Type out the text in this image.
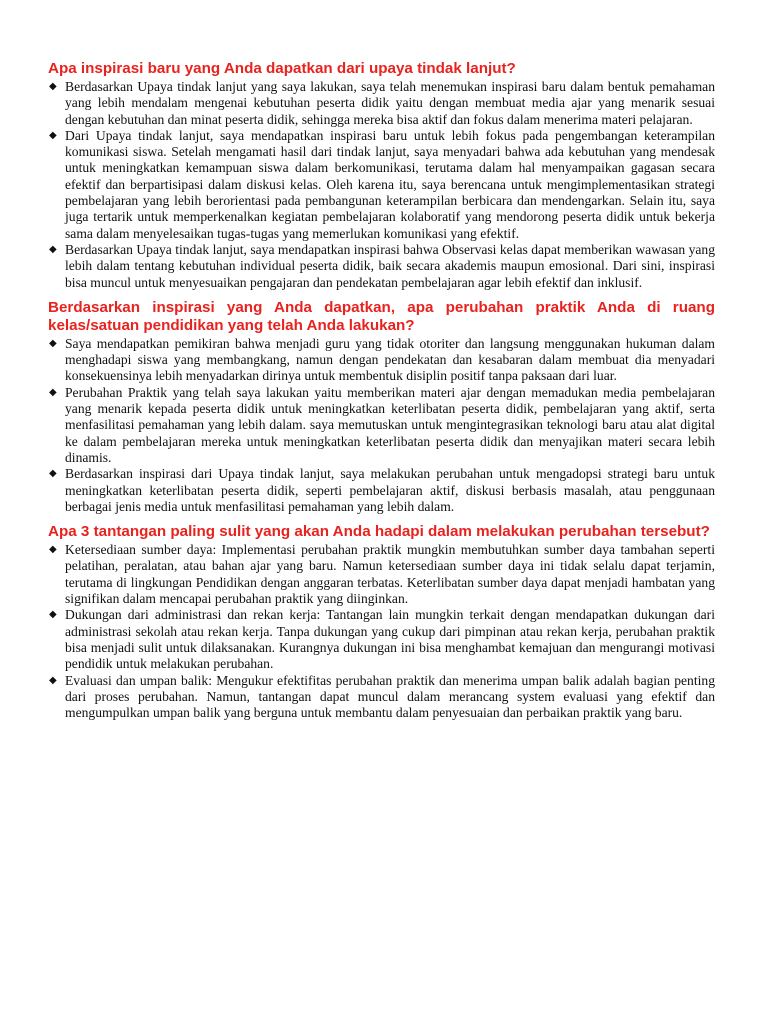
Apa inspirasi baru yang Anda dapatkan dari upaya tindak lanjut?
◆ Berdasarkan Upaya tindak lanjut yang saya lakukan, saya telah menemukan inspirasi baru dalam bentuk pemahaman yang lebih mendalam mengenai kebutuhan peserta didik yaitu dengan membuat media ajar yang menarik sesuai dengan kebutuhan dan minat peserta didik, sehingga mereka bisa aktif dan fokus dalam menerima materi pelajaran.
◆ Dari Upaya tindak lanjut, saya mendapatkan inspirasi baru untuk lebih fokus pada pengembangan keterampilan komunikasi siswa. Setelah mengamati hasil dari tindak lanjut, saya menyadari bahwa ada kebutuhan yang mendesak untuk meningkatkan kemampuan siswa dalam berkomunikasi, terutama dalam hal menyampaikan gagasan secara efektif dan berpartisipasi dalam diskusi kelas. Oleh karena itu, saya berencana untuk mengimplementasikan strategi pembelajaran yang lebih berorientasi pada pembangunan keterampilan berbicara dan mendengarkan. Selain itu, saya juga tertarik untuk memperkenalkan kegiatan pembelajaran kolaboratif yang mendorong peserta didik untuk bekerja sama dalam menyelesaikan tugas-tugas yang memerlukan komunikasi yang efektif.
◆ Berdasarkan Upaya tindak lanjut, saya mendapatkan inspirasi bahwa Observasi kelas dapat memberikan wawasan yang lebih dalam tentang kebutuhan individual peserta didik, baik secara akademis maupun emosional. Dari sini, inspirasi bisa muncul untuk menyesuaikan pengajaran dan pendekatan pembelajaran agar lebih efektif dan inklusif.
Berdasarkan inspirasi yang Anda dapatkan, apa perubahan praktik Anda di ruang kelas/satuan pendidikan yang telah Anda lakukan?
◆ Saya mendapatkan pemikiran bahwa menjadi guru yang tidak otoriter dan langsung menggunakan hukuman dalam menghadapi siswa yang membangkang, namun dengan pendekatan dan kesabaran dalam membuat dia menyadari konsekuensinya lebih menyadarkan dirinya untuk membentuk disiplin positif tanpa paksaan dari luar.
◆ Perubahan Praktik yang telah saya lakukan yaitu memberikan materi ajar dengan memadukan media pembelajaran yang menarik kepada peserta didik untuk meningkatkan keterlibatan peserta didik, pembelajaran yang aktif, serta menfasilitasi pemahaman yang lebih dalam. saya memutuskan untuk mengintegrasikan teknologi baru atau alat digital ke dalam pembelajaran mereka untuk meningkatkan keterlibatan peserta didik dan menyajikan materi secara lebih dinamis.
◆ Berdasarkan inspirasi dari Upaya tindak lanjut, saya melakukan perubahan untuk mengadopsi strategi baru untuk meningkatkan keterlibatan peserta didik, seperti pembelajaran aktif, diskusi berbasis masalah, atau penggunaan berbagai jenis media untuk menfasilitasi pemahaman yang lebih dalam.
Apa 3 tantangan paling sulit yang akan Anda hadapi dalam melakukan perubahan tersebut?
◆ Ketersediaan sumber daya: Implementasi perubahan praktik mungkin membutuhkan sumber daya tambahan seperti pelatihan, peralatan, atau bahan ajar yang baru. Namun ketersediaan sumber daya ini tidak selalu dapat terjamin, terutama di lingkungan Pendidikan dengan anggaran terbatas. Keterlibatan sumber daya dapat menjadi hambatan yang signifikan dalam mencapai perubahan praktik yang diinginkan.
◆ Dukungan dari administrasi dan rekan kerja: Tantangan lain mungkin terkait dengan mendapatkan dukungan dari administrasi sekolah atau rekan kerja. Tanpa dukungan yang cukup dari pimpinan atau rekan kerja, perubahan praktik bisa menjadi sulit untuk dilaksanakan. Kurangnya dukungan ini bisa menghambat kemajuan dan mengurangi motivasi pendidik untuk melakukan perubahan.
◆ Evaluasi dan umpan balik: Mengukur efektifitas perubahan praktik dan menerima umpan balik adalah bagian penting dari proses perubahan. Namun, tantangan dapat muncul dalam merancang system evaluasi yang efektif dan mengumpulkan umpan balik yang berguna untuk membantu dalam penyesuaian dan perbaikan praktik yang baru.
